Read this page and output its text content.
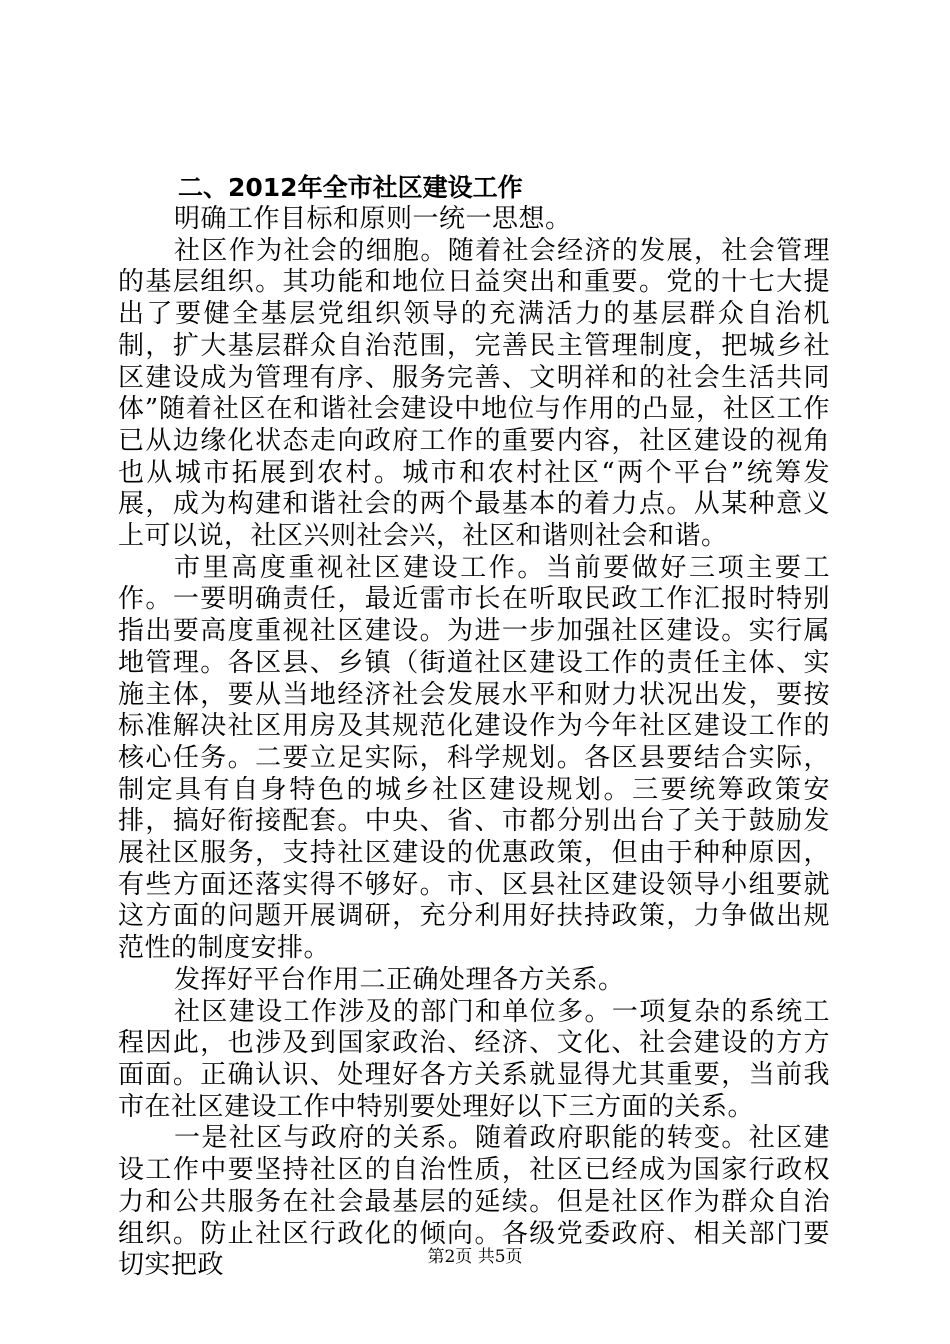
二、2012年全市社区建设工作

明确工作目标和原则一统一思想。

社区作为社会的细胞。随着社会经济的发展，社会管理的基层组织。其功能和地位日益突出和重要。党的十七大提出了要健全基层党组织领导的充满活力的基层群众自治机制，扩大基层群众自治范围，完善民主管理制度，把城乡社区建设成为管理有序、服务完善、文明祥和的社会生活共同体”随着社区在和谐社会建设中地位与作用的凸显，社区工作已从边缘化状态走向政府工作的重要内容，社区建设的视角也从城市拓展到农村。城市和农村社区“两个平台”统筹发展，成为构建和谐社会的两个最基本的着力点。从某种意义上可以说，社区兴则社会兴，社区和谐则社会和谐。

市里高度重视社区建设工作。当前要做好三项主要工作。一要明确责任，最近雷市长在听取民政工作汇报时特别指出要高度重视社区建设。为进一步加强社区建设。实行属地管理。各区县、乡镇（街道社区建设工作的责任主体、实施主体，要从当地经济社会发展水平和财力状况出发，要按标准解决社区用房及其规范化建设作为今年社区建设工作的核心任务。二要立足实际，科学规划。各区县要结合实际，制定具有自身特色的城乡社区建设规划。三要统筹政策安排，搞好衔接配套。中央、省、市都分别出台了关于鼓励发展社区服务，支持社区建设的优惠政策，但由于种种原因，有些方面还落实得不够好。市、区县社区建设领导小组要就这方面的问题开展调研，充分利用好扶持政策，力争做出规范性的制度安排。

发挥好平台作用二正确处理各方关系。

社区建设工作涉及的部门和单位多。一项复杂的系统工程因此，也涉及到国家政治、经济、文化、社会建设的方方面面。正确认识、处理好各方关系就显得尤其重要，当前我市在社区建设工作中特别要处理好以下三方面的关系。

一是社区与政府的关系。随着政府职能的转变。社区建设工作中要坚持社区的自治性质，社区已经成为国家行政权力和公共服务在社会最基层的延续。但是社区作为群众自治组织。防止社区行政化的倾向。各级党委政府、相关部门要切实把政	第2页 共5页
